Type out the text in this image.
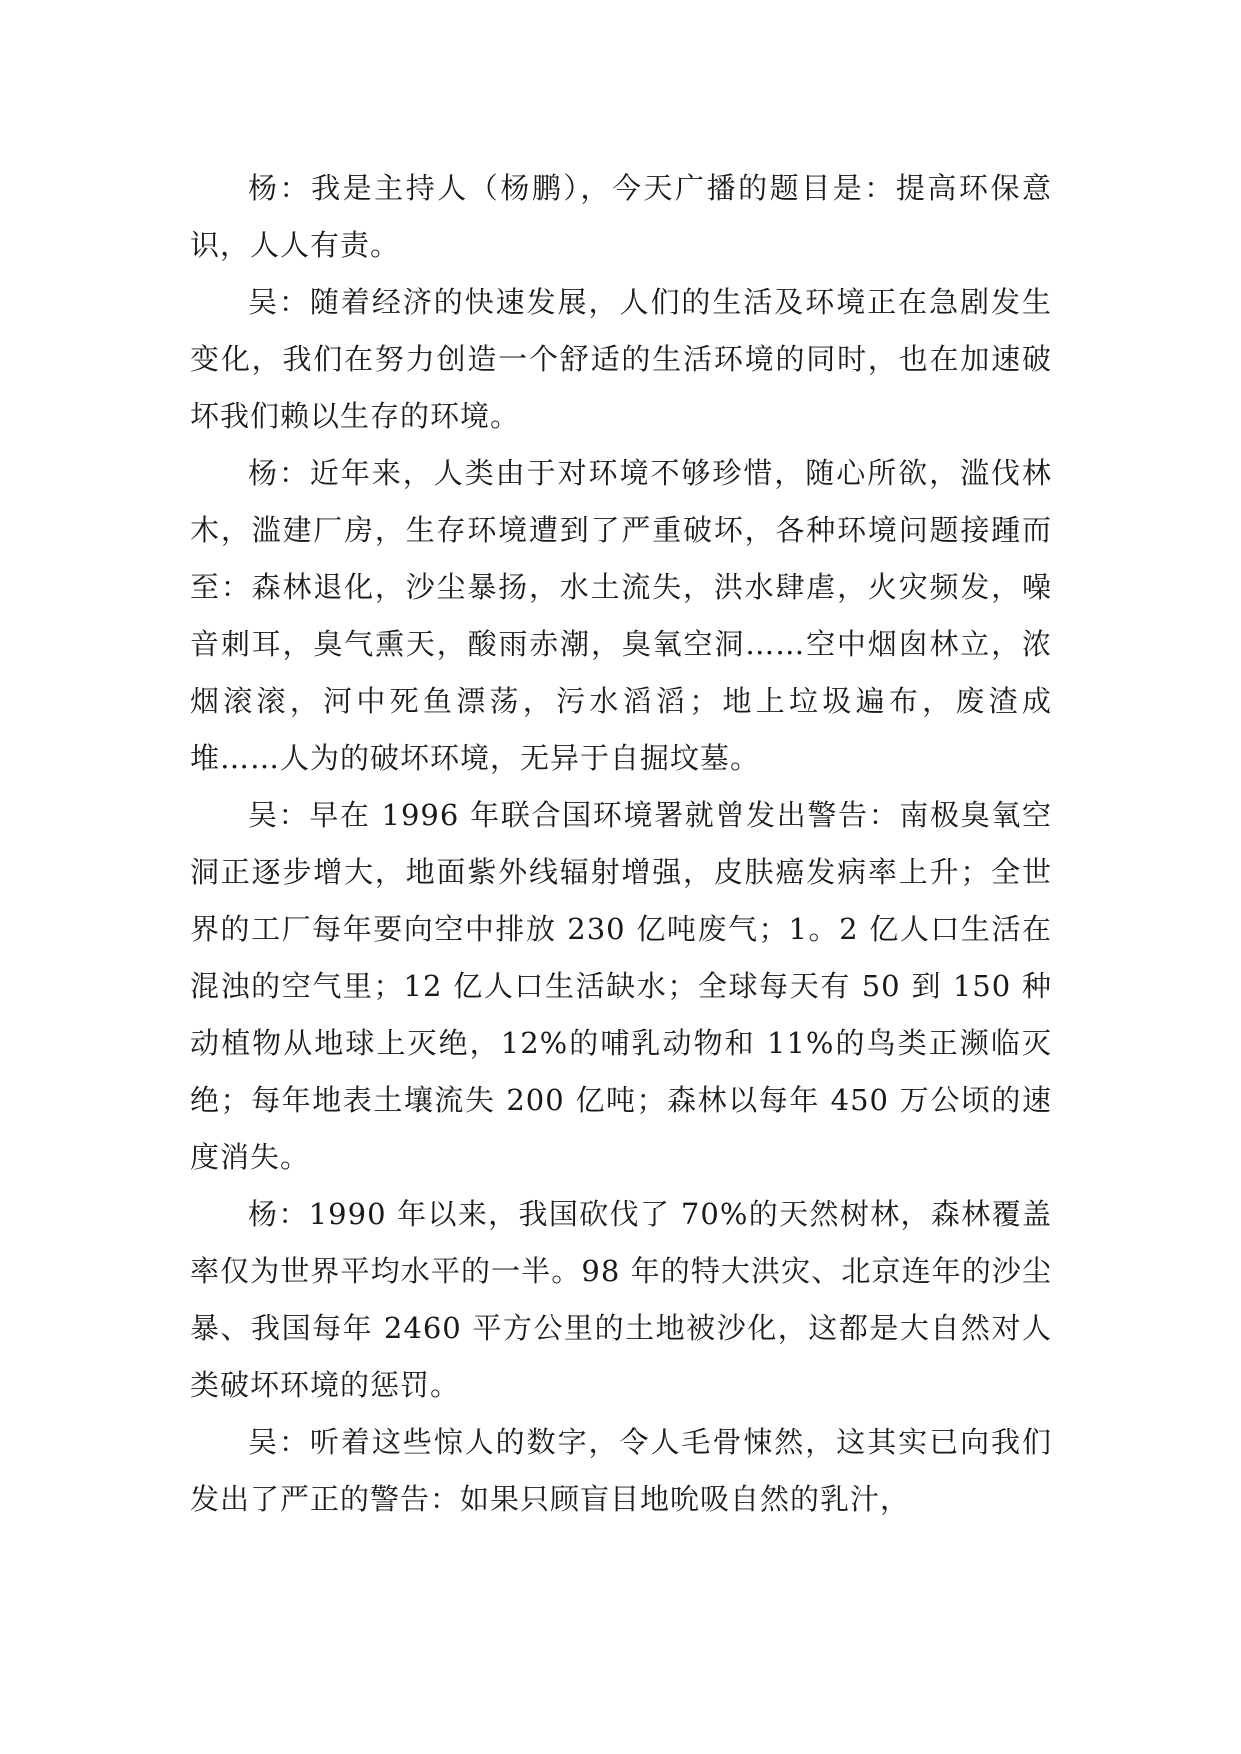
杨：我是主持人（杨鹏），今天广播的题目是：提高环保意识，人人有责。

吴：随着经济的快速发展，人们的生活及环境正在急剧发生变化，我们在努力创造一个舒适的生活环境的同时，也在加速破坏我们赖以生存的环境。

杨：近年来，人类由于对环境不够珍惜，随心所欲，滥伐林木，滥建厂房，生存环境遭到了严重破坏，各种环境问题接踵而至：森林退化，沙尘暴扬，水土流失，洪水肆虐，火灾频发，噪音刺耳，臭气熏天，酸雨赤潮，臭氧空洞……空中烟囱林立，浓烟滚滚，河中死鱼漂荡，污水滔滔；地上垃圾遍布，废渣成堆……人为的破坏环境，无异于自掘坟墓。

吴：早在 1996 年联合国环境署就曾发出警告：南极臭氧空洞正逐步增大，地面紫外线辐射增强，皮肤癌发病率上升；全世界的工厂每年要向空中排放 230 亿吨废气；1。2 亿人口生活在混浊的空气里；12 亿人口生活缺水；全球每天有 50 到 150 种动植物从地球上灭绝，12%的哺乳动物和 11%的鸟类正濒临灭绝；每年地表土壤流失 200 亿吨；森林以每年 450 万公顷的速度消失。

杨：1990 年以来，我国砍伐了 70%的天然树林，森林覆盖率仅为世界平均水平的一半。98 年的特大洪灾、北京连年的沙尘暴、我国每年 2460 平方公里的土地被沙化，这都是大自然对人类破坏环境的惩罚。

吴：听着这些惊人的数字，令人毛骨悚然，这其实已向我们发出了严正的警告：如果只顾盲目地吮吸自然的乳汁，
